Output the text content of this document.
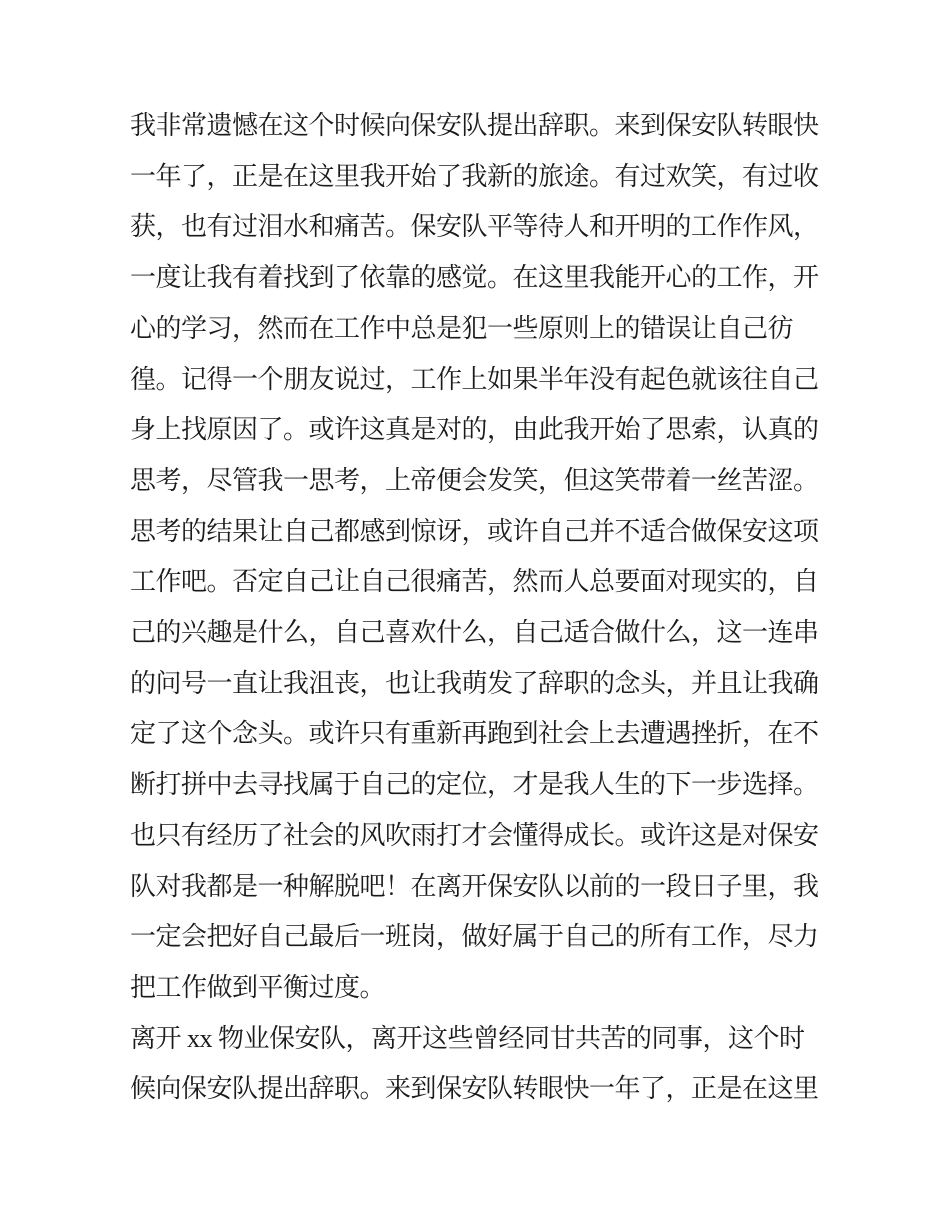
我非常遗憾在这个时候向保安队提出辞职。来到保安队转眼快
一年了，正是在这里我开始了我新的旅途。有过欢笑，有过收
获，也有过泪水和痛苦。保安队平等待人和开明的工作作风，
一度让我有着找到了依靠的感觉。在这里我能开心的工作，开
心的学习，然而在工作中总是犯一些原则上的错误让自己彷
徨。记得一个朋友说过，工作上如果半年没有起色就该往自己
身上找原因了。或许这真是对的，由此我开始了思索，认真的
思考，尽管我一思考，上帝便会发笑，但这笑带着一丝苦涩。
思考的结果让自己都感到惊讶，或许自己并不适合做保安这项
工作吧。否定自己让自己很痛苦，然而人总要面对现实的，自
己的兴趣是什么，自己喜欢什么，自己适合做什么，这一连串
的问号一直让我沮丧，也让我萌发了辞职的念头，并且让我确
定了这个念头。或许只有重新再跑到社会上去遭遇挫折，在不
断打拼中去寻找属于自己的定位，才是我人生的下一步选择。
也只有经历了社会的风吹雨打才会懂得成长。或许这是对保安
队对我都是一种解脱吧！在离开保安队以前的一段日子里，我
一定会把好自己最后一班岗，做好属于自己的所有工作，尽力
把工作做到平衡过度。
离开 xx 物业保安队，离开这些曾经同甘共苦的同事，这个时
候向保安队提出辞职。来到保安队转眼快一年了，正是在这里
